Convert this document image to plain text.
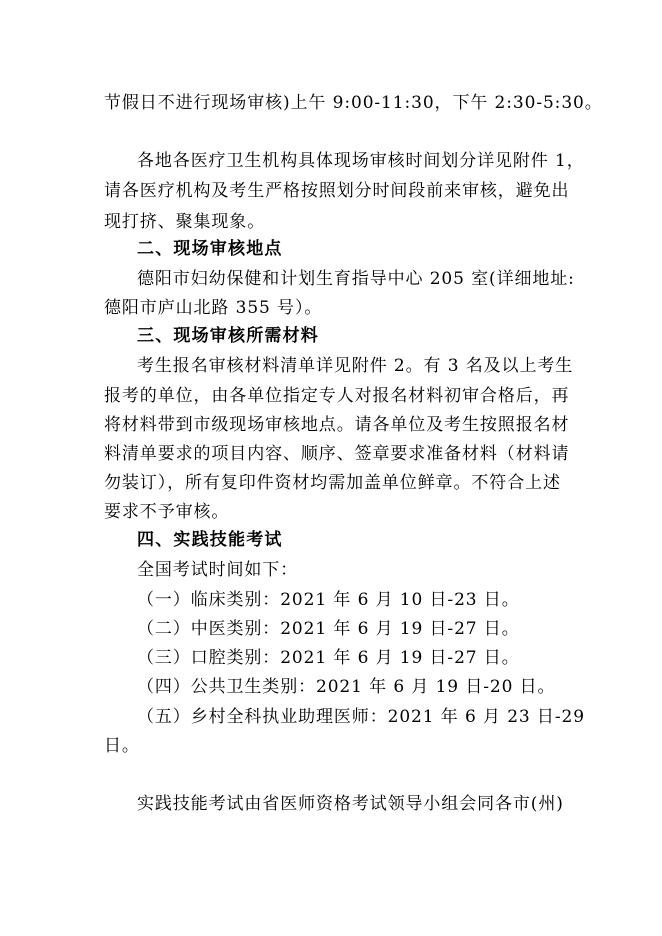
节假日不进行现场审核)上午 9:00-11:30，下午 2:30-5:30。
各地各医疗卫生机构具体现场审核时间划分详见附件 1，
请各医疗机构及考生严格按照划分时间段前来审核，避免出
现打挤、聚集现象。
二、现场审核地点
德阳市妇幼保健和计划生育指导中心 205 室(详细地址:
德阳市庐山北路 355 号）。
三、现场审核所需材料
考生报名审核材料清单详见附件 2。有 3 名及以上考生
报考的单位，由各单位指定专人对报名材料初审合格后，再
将材料带到市级现场审核地点。请各单位及考生按照报名材
料清单要求的项目内容、顺序、签章要求准备材料（材料请
勿装订），所有复印件资材均需加盖单位鲜章。不符合上述
要求不予审核。
四、实践技能考试
全国考试时间如下：
（一）临床类别：2021 年 6 月 10 日-23 日。
（二）中医类别：2021 年 6 月 19 日-27 日。
（三）口腔类别：2021 年 6 月 19 日-27 日。
（四）公共卫生类别：2021 年 6 月 19 日-20 日。
（五）乡村全科执业助理医师：2021 年 6 月 23 日-29
日。
实践技能考试由省医师资格考试领导小组会同各市(州)
